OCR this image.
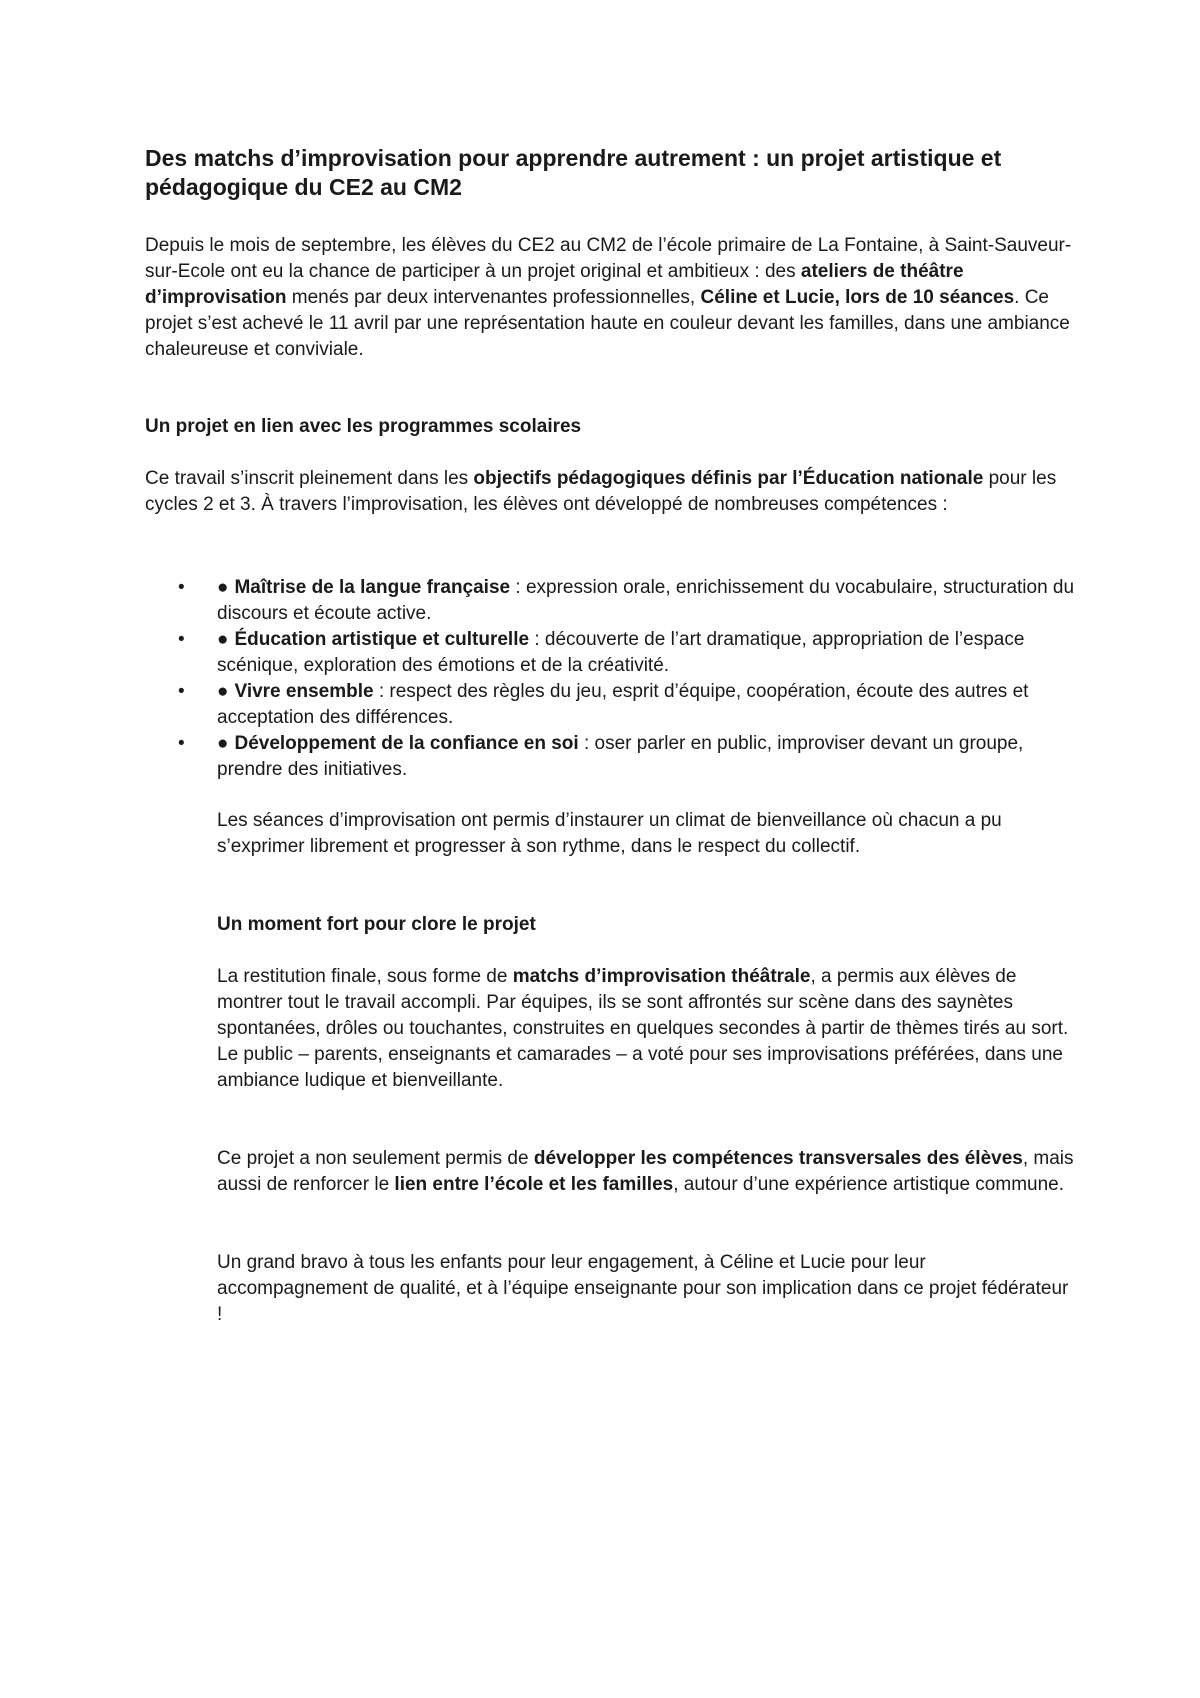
Des matchs d’improvisation pour apprendre autrement : un projet artistique et pédagogique du CE2 au CM2

Depuis le mois de septembre, les élèves du CE2 au CM2 de l’école primaire de La Fontaine, à Saint-Sauveur-sur-Ecole ont eu la chance de participer à un projet original et ambitieux : des ateliers de théâtre d’improvisation menés par deux intervenantes professionnelles, Céline et Lucie, lors de 10 séances. Ce projet s’est achevé le 11 avril par une représentation haute en couleur devant les familles, dans une ambiance chaleureuse et conviviale.

Un projet en lien avec les programmes scolaires

Ce travail s’inscrit pleinement dans les objectifs pédagogiques définis par l’Éducation nationale pour les cycles 2 et 3. À travers l’improvisation, les élèves ont développé de nombreuses compétences :

• ● Maîtrise de la langue française : expression orale, enrichissement du vocabulaire, structuration du discours et écoute active.
• ● Éducation artistique et culturelle : découverte de l’art dramatique, appropriation de l’espace scénique, exploration des émotions et de la créativité.
• ● Vivre ensemble : respect des règles du jeu, esprit d’équipe, coopération, écoute des autres et acceptation des différences.
• ● Développement de la confiance en soi : oser parler en public, improviser devant un groupe, prendre des initiatives.

Les séances d’improvisation ont permis d’instaurer un climat de bienveillance où chacun a pu s’exprimer librement et progresser à son rythme, dans le respect du collectif.

Un moment fort pour clore le projet

La restitution finale, sous forme de matchs d’improvisation théâtrale, a permis aux élèves de montrer tout le travail accompli. Par équipes, ils se sont affrontés sur scène dans des saynètes spontanées, drôles ou touchantes, construites en quelques secondes à partir de thèmes tirés au sort. Le public – parents, enseignants et camarades – a voté pour ses improvisations préférées, dans une ambiance ludique et bienveillante.

Ce projet a non seulement permis de développer les compétences transversales des élèves, mais aussi de renforcer le lien entre l’école et les familles, autour d’une expérience artistique commune.

Un grand bravo à tous les enfants pour leur engagement, à Céline et Lucie pour leur accompagnement de qualité, et à l’équipe enseignante pour son implication dans ce projet fédérateur !
